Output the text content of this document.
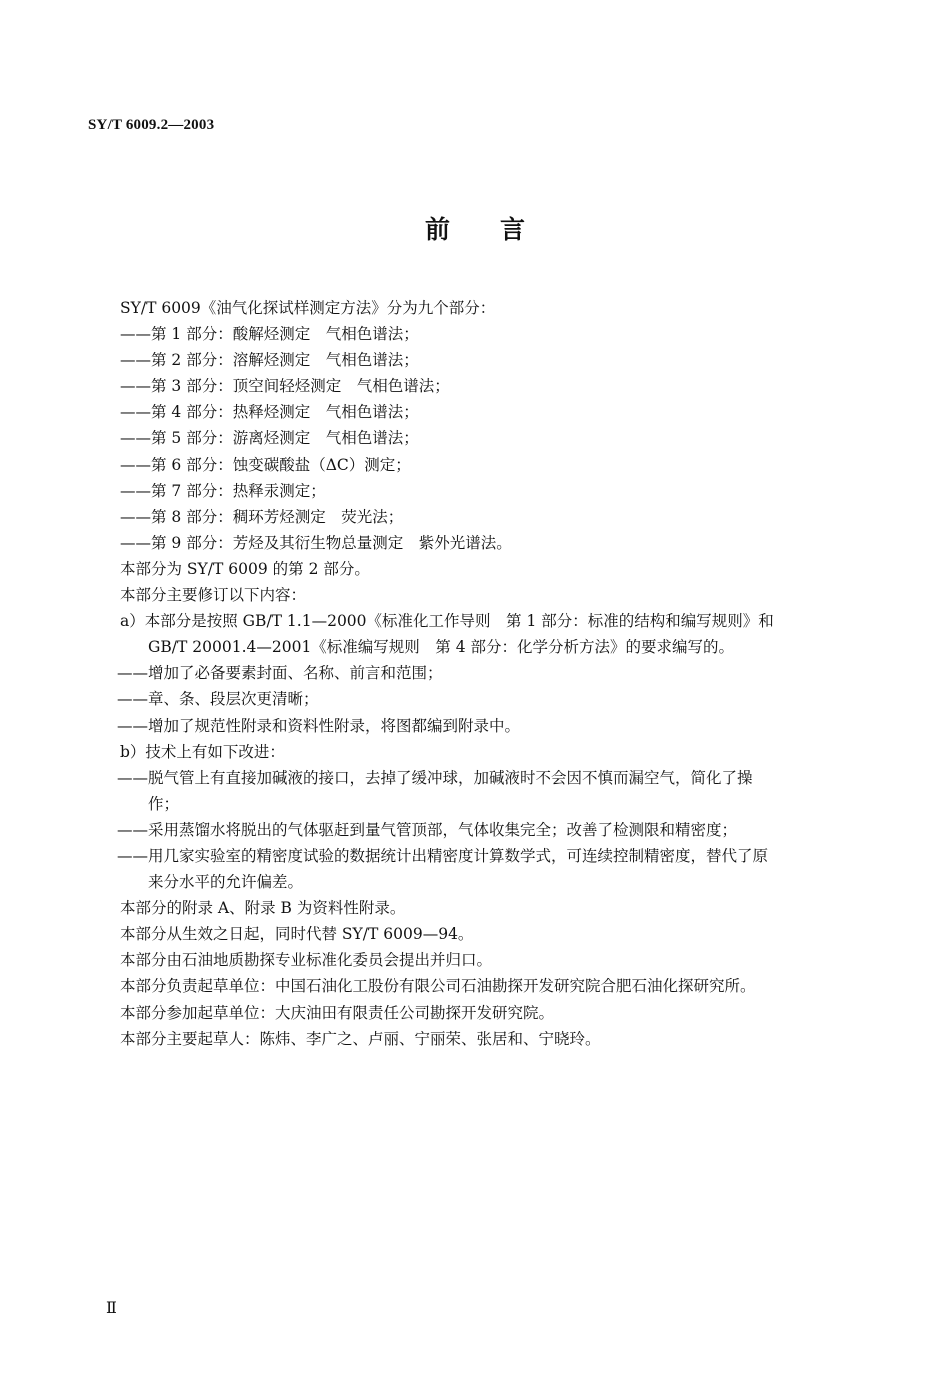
SY/T 6009.2—2003
前 言
SY/T 6009《油气化探试样测定方法》分为九个部分：
——第 1 部分：酸解烃测定　气相色谱法；
——第 2 部分：溶解烃测定　气相色谱法；
——第 3 部分：顶空间轻烃测定　气相色谱法；
——第 4 部分：热释烃测定　气相色谱法；
——第 5 部分：游离烃测定　气相色谱法；
——第 6 部分：蚀变碳酸盐（ΔC）测定；
——第 7 部分：热释汞测定；
——第 8 部分：稠环芳烃测定　荧光法；
——第 9 部分：芳烃及其衍生物总量测定　紫外光谱法。
本部分为 SY/T 6009 的第 2 部分。
本部分主要修订以下内容：
a）本部分是按照 GB/T 1.1—2000《标准化工作导则　第 1 部分：标准的结构和编写规则》和
GB/T 20001.4—2001《标准编写规则　第 4 部分：化学分析方法》的要求编写的。
——增加了必备要素封面、名称、前言和范围；
——章、条、段层次更清晰；
——增加了规范性附录和资料性附录，将图都编到附录中。
b）技术上有如下改进：
——脱气管上有直接加碱液的接口，去掉了缓冲球，加碱液时不会因不慎而漏空气，简化了操
作；
——采用蒸馏水将脱出的气体驱赶到量气管顶部，气体收集完全；改善了检测限和精密度；
——用几家实验室的精密度试验的数据统计出精密度计算数学式，可连续控制精密度，替代了原
来分水平的允许偏差。
本部分的附录 A、附录 B 为资料性附录。
本部分从生效之日起，同时代替 SY/T 6009—94。
本部分由石油地质勘探专业标准化委员会提出并归口。
本部分负责起草单位：中国石油化工股份有限公司石油勘探开发研究院合肥石油化探研究所。
本部分参加起草单位：大庆油田有限责任公司勘探开发研究院。
本部分主要起草人：陈炜、李广之、卢丽、宁丽荣、张居和、宁晓玲。
Ⅱ
